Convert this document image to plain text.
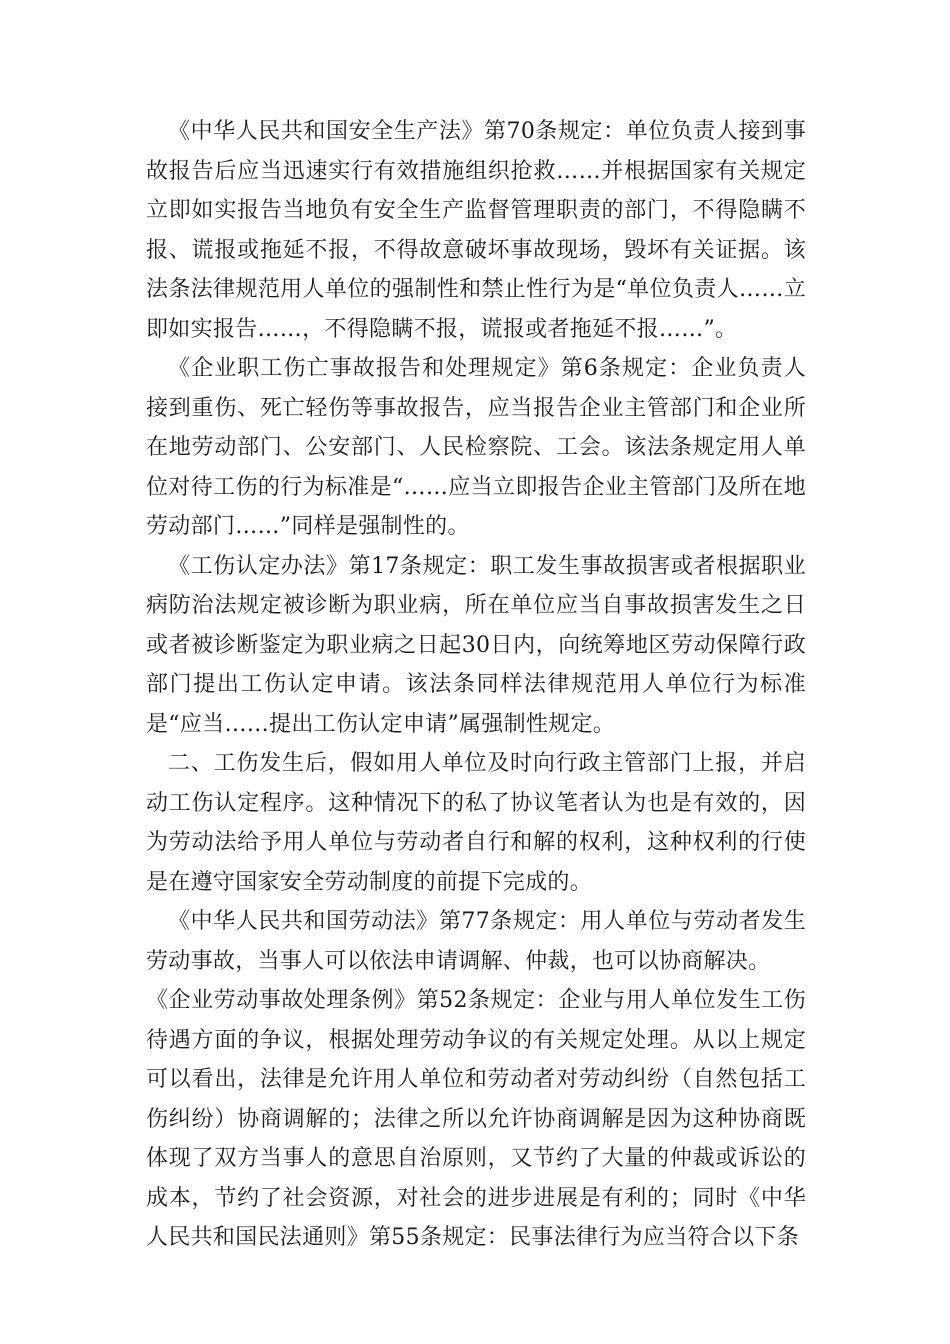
《中华人民共和国安全生产法》第70条规定：单位负责人接到事故报告后应当迅速实行有效措施组织抢救……并根据国家有关规定立即如实报告当地负有安全生产监督管理职责的部门，不得隐瞒不报、谎报或拖延不报，不得故意破坏事故现场，毁坏有关证据。该法条法律规范用人单位的强制性和禁止性行为是“单位负责人……立即如实报告……，不得隐瞒不报，谎报或者拖延不报……”。

《企业职工伤亡事故报告和处理规定》第6条规定：企业负责人接到重伤、死亡轻伤等事故报告，应当报告企业主管部门和企业所在地劳动部门、公安部门、人民检察院、工会。该法条规定用人单位对待工伤的行为标准是“……应当立即报告企业主管部门及所在地劳动部门……”同样是强制性的。

《工伤认定办法》第17条规定：职工发生事故损害或者根据职业病防治法规定被诊断为职业病，所在单位应当自事故损害发生之日或者被诊断鉴定为职业病之日起30日内，向统筹地区劳动保障行政部门提出工伤认定申请。该法条同样法律规范用人单位行为标准是“应当……提出工伤认定申请”属强制性规定。

二、工伤发生后，假如用人单位及时向行政主管部门上报，并启动工伤认定程序。这种情况下的私了协议笔者认为也是有效的，因为劳动法给予用人单位与劳动者自行和解的权利，这种权利的行使是在遵守国家安全劳动制度的前提下完成的。

《中华人民共和国劳动法》第77条规定：用人单位与劳动者发生劳动事故，当事人可以依法申请调解、仲裁，也可以协商解决。

《企业劳动事故处理条例》第52条规定：企业与用人单位发生工伤待遇方面的争议，根据处理劳动争议的有关规定处理。从以上规定可以看出，法律是允许用人单位和劳动者对劳动纠纷（自然包括工伤纠纷）协商调解的；法律之所以允许协商调解是因为这种协商既体现了双方当事人的意思自治原则，又节约了大量的仲裁或诉讼的成本，节约了社会资源，对社会的进步进展是有利的；同时《中华人民共和国民法通则》第55条规定：民事法律行为应当符合以下条
